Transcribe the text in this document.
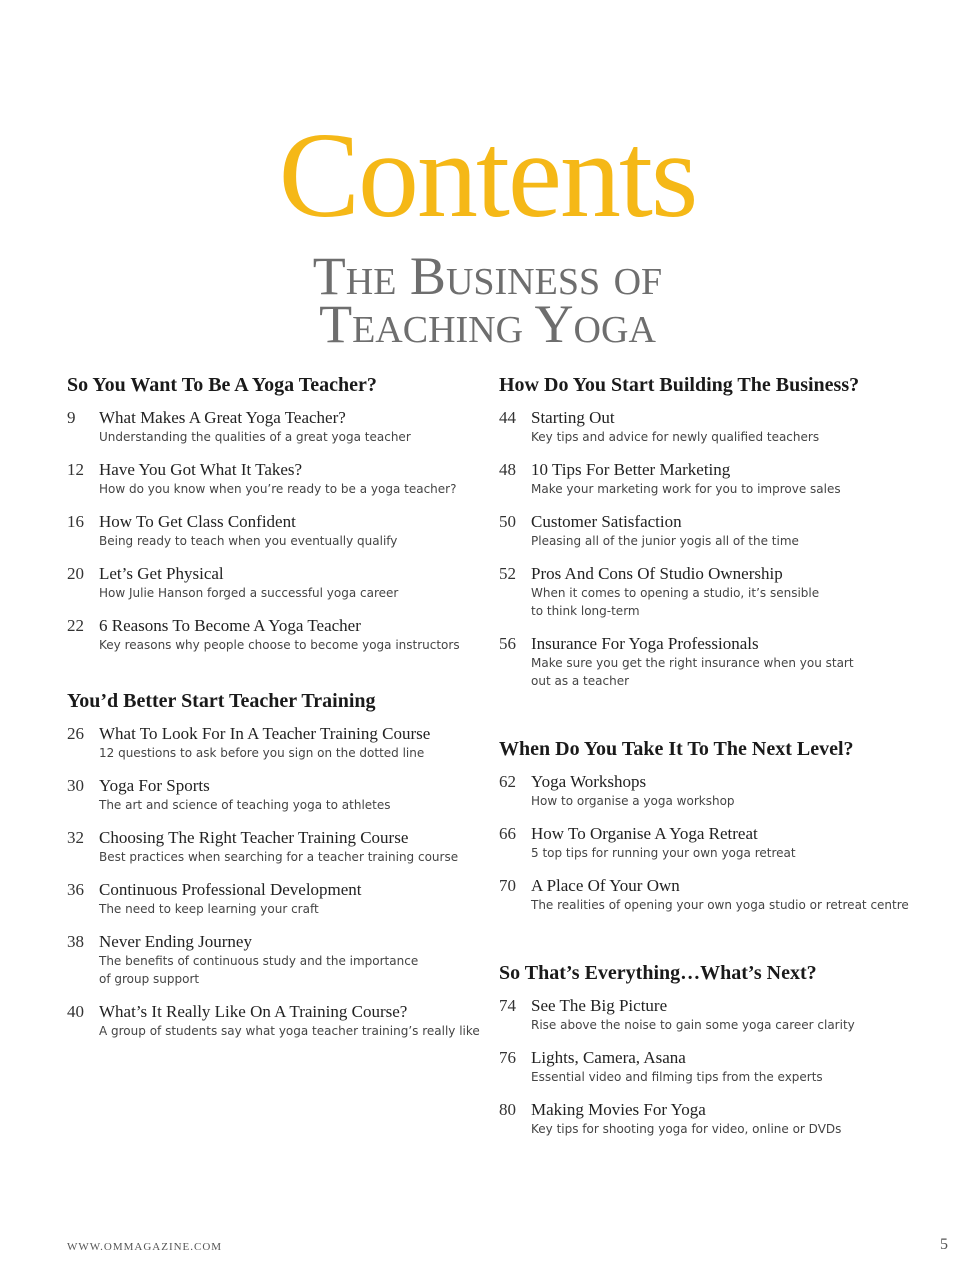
Contents
The Business of
Teaching Yoga
So You Want To Be A Yoga Teacher?
9	What Makes A Great Yoga Teacher?
Understanding the qualities of a great yoga teacher
12 Have You Got What It Takes?
How do you know when you’re ready to be a yoga teacher?
16 How To Get Class Confident
Being ready to teach when you eventually qualify
20 Let’s Get Physical
How Julie Hanson forged a successful yoga career
22 6 Reasons To Become A Yoga Teacher
Key reasons why people choose to become yoga instructors
You’d Better Start Teacher Training
26 What To Look For In A Teacher Training Course
12 questions to ask before you sign on the dotted line
30 Yoga For Sports
The art and science of teaching yoga to athletes
32 Choosing The Right Teacher Training Course
Best practices when searching for a teacher training course
36 Continuous Professional Development
The need to keep learning your craft
38 Never Ending Journey
The benefits of continuous study and the importance
of group support
40 What’s It Really Like On A Training Course?
A group of students say what yoga teacher training’s really like
How Do You Start Building The Business?
44 Starting Out
Key tips and advice for newly qualified teachers
48 10 Tips For Better Marketing
Make your marketing work for you to improve sales
50 Customer Satisfaction
Pleasing all of the junior yogis all of the time
52 Pros And Cons Of Studio Ownership
When it comes to opening a studio, it’s sensible
to think long-term
56 Insurance For Yoga Professionals
Make sure you get the right insurance when you start
out as a teacher
When Do You Take It To The Next Level?
62 Yoga Workshops
How to organise a yoga workshop
66 How To Organise A Yoga Retreat
5 top tips for running your own yoga retreat
70 A Place Of Your Own
The realities of opening your own yoga studio or retreat centre
So That’s Everything…What’s Next?
74 See The Big Picture
Rise above the noise to gain some yoga career clarity
76 Lights, Camera, Asana
Essential video and filming tips from the experts
80 Making Movies For Yoga
Key tips for shooting yoga for video, online or DVDs
WWW.OMMAGAZINE.COM	5
